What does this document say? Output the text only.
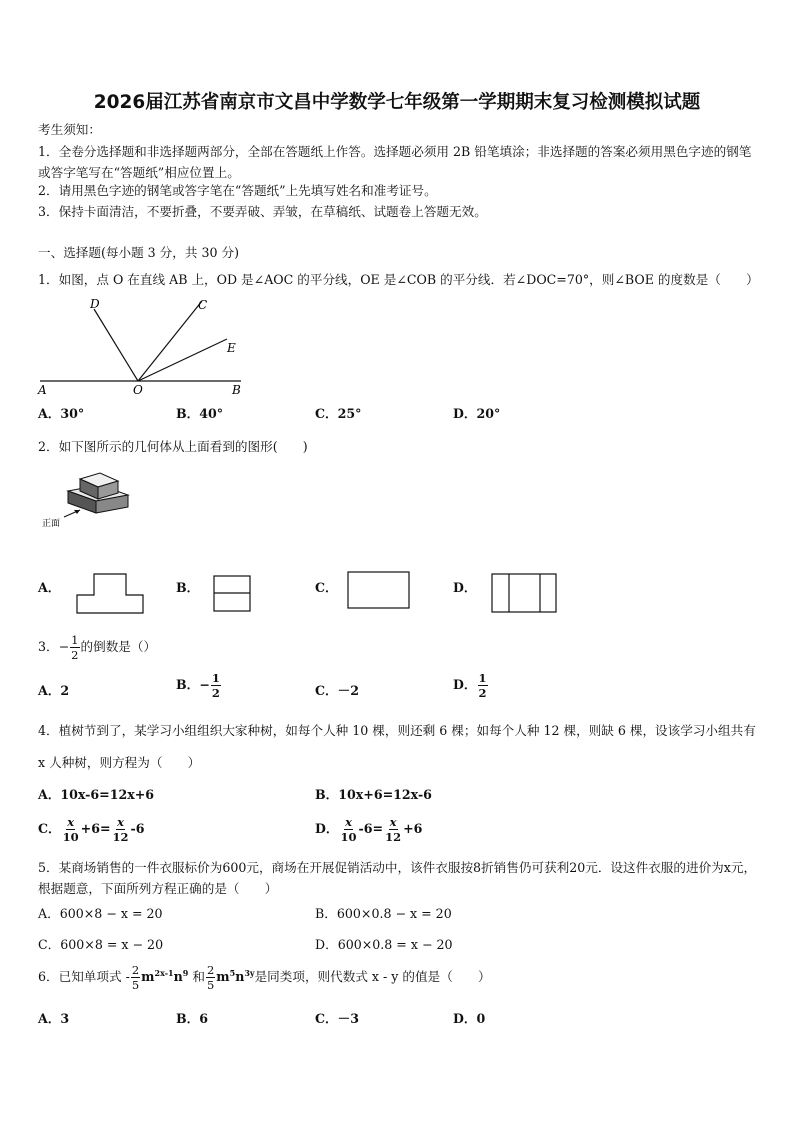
2026届江苏省南京市文昌中学数学七年级第一学期期末复习检测模拟试题
考生须知：
1．全卷分选择题和非选择题两部分，全部在答题纸上作答。选择题必须用 2B 铅笔填涂；非选择题的答案必须用黑色字迹的钢笔或答字笔写在“答题纸”相应位置上。
2．请用黑色字迹的钢笔或答字笔在“答题纸”上先填写姓名和准考证号。
3．保持卡面清洁，不要折叠，不要弄破、弄皱，在草稿纸、试题卷上答题无效。
一、选择题(每小题 3 分，共 30 分)
1．如图，点 O 在直线 AB 上，OD 是∠AOC 的平分线，OE 是∠COB 的平分线．若∠DOC=70°，则∠BOE 的度数是（　　）
D	C
E
A	O	B
A．30°	B．40°	C．25°	D．20°
2．如下图所示的几何体从上面看到的图形(　　)
正面
A．	B．	C．	D．
3．− $\frac{1}{2}$ 的倒数是（）
A．2	B．− $\frac{1}{2}$	C．－2	D． $\frac{1}{2}$
4．植树节到了，某学习小组组织大家种树，如每个人种 10 棵，则还剩 6 棵；如每个人种 12 棵，则缺 6 棵，设该学习小组共有 x 人种树，则方程为（　　）
A．10x-6=12x+6	B．10x+6=12x-6
C． $\frac{x}{10} +6= \frac{x}{12} -6$	D． $\frac{x}{10} -6= \frac{x}{12} +6$
5．某商场销售的一件衣服标价为600元，商场在开展促销活动中，该件衣服按8折销售仍可获利20元．设这件衣服的进价为x元，根据题意，下面所列方程正确的是（　　）
A．600×8 − x = 20	B．600×0.8 − x = 20
C．600×8 = x − 20	D．600×0.8 = x − 20
6．已知单项式 - $\frac{2}{5} m^{2x-1}n^9$ 和 $\frac{2}{5} m^5n^{3y}$是同类项，则代数式 x - y 的值是（　　）
A．3	B．6	C．－3	D．0
